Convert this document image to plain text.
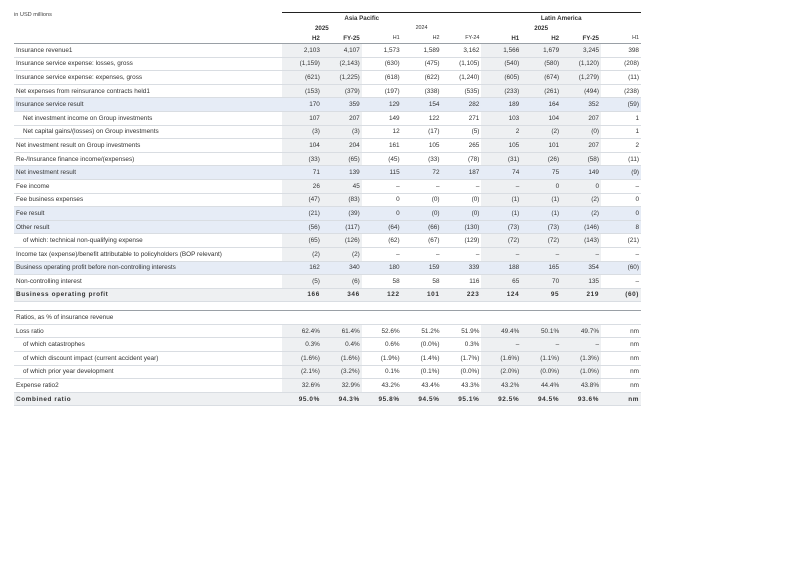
in USD millions
		Asia Pacific					Latin America			
	2025		2024			2025			
	H2	FY-25	H1	H2	FY-24	H1	H2	FY-25	H1
Insurance revenue1	2,103	4,107	1,573	1,589	3,162	1,566	1,679	3,245	398
Insurance service expense: losses, gross	(1,159)	(2,143)	(630)	(475)	(1,105)	(540)	(580)	(1,120)	(208)
Insurance service expense: expenses, gross	(621)	(1,225)	(618)	(622)	(1,240)	(605)	(674)	(1,279)	(11)
Net expenses from reinsurance contracts held1	(153)	(379)	(197)	(338)	(535)	(233)	(261)	(494)	(238)
Insurance service result	170	359	129	154	282	189	164	352	(59)
Net investment income on Group investments	107	207	149	122	271	103	104	207	1
Net capital gains/(losses) on Group investments	(3)	(3)	12	(17)	(5)	2	(2)	(0)	1
Net investment result on Group investments	104	204	161	105	265	105	101	207	2
Re-/Insurance finance income/(expenses)	(33)	(65)	(45)	(33)	(78)	(31)	(26)	(58)	(11)
Net investment result	71	139	115	72	187	74	75	149	(9)
Fee income	26	45	–	–	–	–	0	0	–
Fee business expenses	(47)	(83)	0	(0)	(0)	(1)	(1)	(2)	0
Fee result	(21)	(39)	0	(0)	(0)	(1)	(1)	(2)	0
Other result	(56)	(117)	(64)	(66)	(130)	(73)	(73)	(146)	8
of which: technical non-qualifying expense	(65)	(126)	(62)	(67)	(129)	(72)	(72)	(143)	(21)
Income tax (expense)/benefit attributable to policyholders (BOP relevant)	(2)	(2)	–	–	–	–	–	–	–
Business operating profit before non-controlling interests	162	340	180	159	339	188	165	354	(60)
Non-controlling interest	(5)	(6)	58	58	116	65	70	135	–
Business operating profit	166	346	122	101	223	124	95	219	(60)

Ratios, as % of insurance revenue									
Loss ratio	62.4%	61.4%	52.6%	51.2%	51.9%	49.4%	50.1%	49.7%	nm
of which catastrophes	0.3%	0.4%	0.6%	(0.0%)	0.3%	–	–	–	nm
of which discount impact (current accident year)	(1.6%)	(1.6%)	(1.9%)	(1.4%)	(1.7%)	(1.6%)	(1.1%)	(1.3%)	nm
of which prior year development	(2.1%)	(3.2%)	0.1%	(0.1%)	(0.0%)	(2.0%)	(0.0%)	(1.0%)	nm
Expense ratio2	32.6%	32.9%	43.2%	43.4%	43.3%	43.2%	44.4%	43.8%	nm
Combined ratio	95.0%	94.3%	95.8%	94.5%	95.1%	92.5%	94.5%	93.6%	nm
